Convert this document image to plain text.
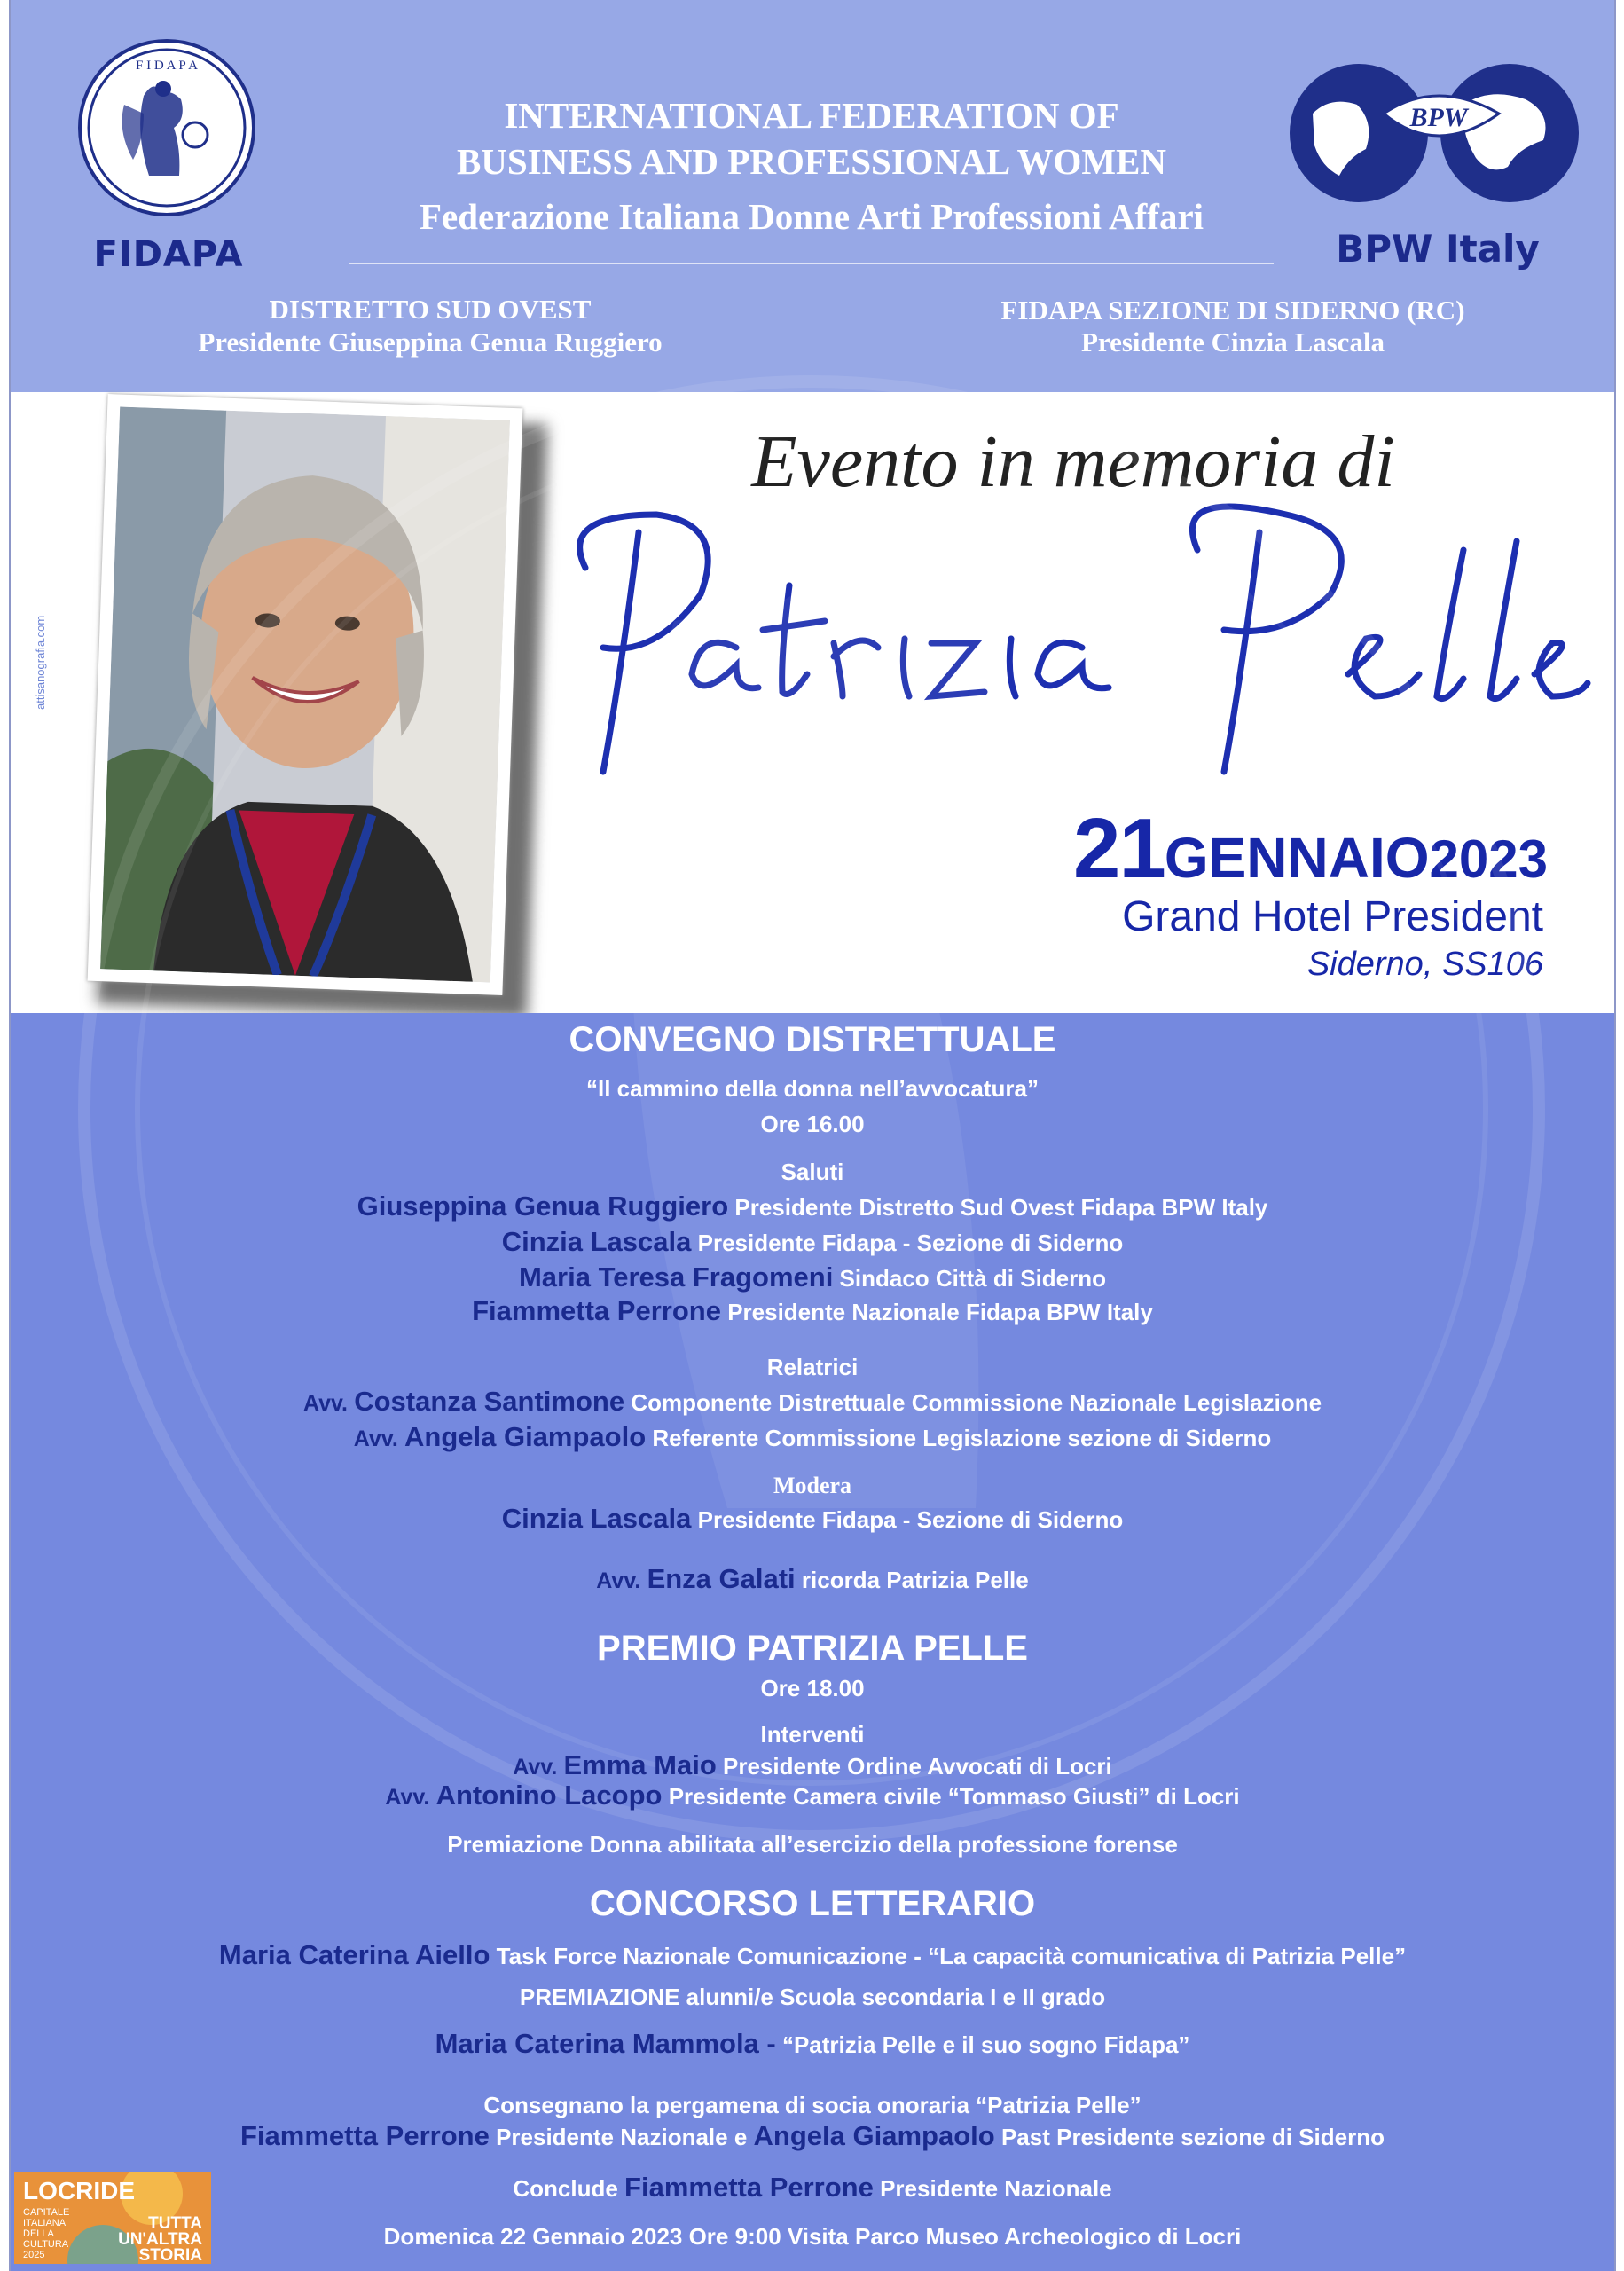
F I D A P A
FIDAPA
BPW
BPW Italy
INTERNATIONAL FEDERATION OF
BUSINESS AND PROFESSIONAL WOMEN
Federazione Italiana Donne Arti Professioni Affari
DISTRETTO SUD OVEST
Presidente Giuseppina Genua Ruggiero
FIDAPA SEZIONE DI SIDERNO (RC)
Presidente Cinzia Lascala
attisanografia.com
Evento in memoria di
21GENNAIO2023
Grand Hotel President
Siderno, SS106
CONVEGNO DISTRETTUALE
“Il cammino della donna nell’avvocatura”
Ore 16.00
Saluti
Giuseppina Genua Ruggiero Presidente Distretto Sud Ovest Fidapa BPW Italy
Cinzia Lascala Presidente Fidapa - Sezione di Siderno
Maria Teresa Fragomeni Sindaco Città di Siderno
Fiammetta Perrone Presidente Nazionale Fidapa BPW Italy
Relatrici
Avv. Costanza Santimone Componente Distrettuale Commissione Nazionale Legislazione
Avv. Angela Giampaolo Referente Commissione Legislazione sezione di Siderno
Modera
Cinzia Lascala Presidente Fidapa - Sezione di Siderno
Avv. Enza Galati ricorda Patrizia Pelle
PREMIO PATRIZIA PELLE
Ore 18.00
Interventi
Avv. Emma Maio Presidente Ordine Avvocati di Locri
Avv. Antonino Lacopo Presidente Camera civile “Tommaso Giusti” di Locri
Premiazione Donna abilitata all’esercizio della professione forense
CONCORSO LETTERARIO
Maria Caterina Aiello Task Force Nazionale Comunicazione - “La capacità comunicativa di Patrizia Pelle”
PREMIAZIONE alunni/e Scuola secondaria I e II grado
Maria Caterina Mammola - “Patrizia Pelle e il suo sogno Fidapa”
Consegnano la pergamena di socia onoraria “Patrizia Pelle”
Fiammetta Perrone Presidente Nazionale e Angela Giampaolo Past Presidente sezione di Siderno
Conclude Fiammetta Perrone Presidente Nazionale
Domenica 22 Gennaio 2023 Ore 9:00 Visita Parco Museo Archeologico di Locri
LOCRIDE
CAPITALE
ITALIANA
DELLA
CULTURA
2025
TUTTA
UN'ALTRA
STORIA
